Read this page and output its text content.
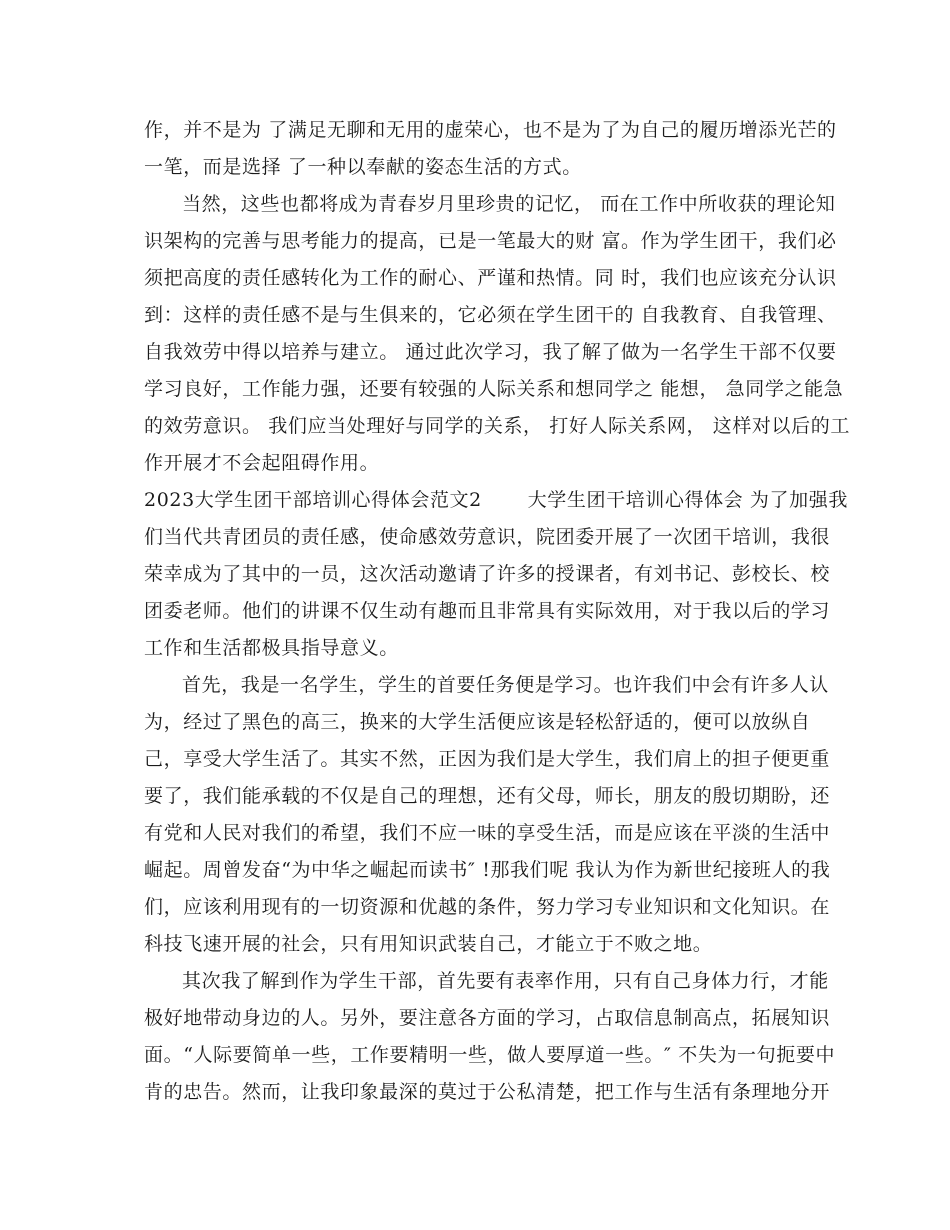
作，并不是为 了满足无聊和无用的虚荣心，也不是为了为自己的履历增添光芒的
一笔，而是选择 了一种以奉献的姿态生活的方式。
当然，这些也都将成为青春岁月里珍贵的记忆， 而在工作中所收获的理论知
识架构的完善与思考能力的提高，已是一笔最大的财 富。作为学生团干，我们必
须把高度的责任感转化为工作的耐心、严谨和热情。同 时，我们也应该充分认识
到：这样的责任感不是与生俱来的，它必须在学生团干的 自我教育、自我管理、
自我效劳中得以培养与建立。 通过此次学习，我了解了做为一名学生干部不仅要
学习良好，工作能力强，还要有较强的人际关系和想同学之 能想， 急同学之能急
的效劳意识。 我们应当处理好与同学的关系， 打好人际关系网， 这样对以后的工
作开展才不会起阻碍作用。
2023大学生团干部培训心得体会范文2　　 大学生团干培训心得体会 为了加强我
们当代共青团员的责任感，使命感效劳意识，院团委开展了一次团干培训，我很
荣幸成为了其中的一员，这次活动邀请了许多的授课者，有刘书记、彭校长、校
团委老师。他们的讲课不仅生动有趣而且非常具有实际效用，对于我以后的学习
工作和生活都极具指导意义。
首先，我是一名学生，学生的首要任务便是学习。也许我们中会有许多人认
为，经过了黑色的高三，换来的大学生活便应该是轻松舒适的，便可以放纵自
己，享受大学生活了。其实不然，正因为我们是大学生，我们肩上的担子便更重
要了，我们能承载的不仅是自己的理想，还有父母，师长，朋友的殷切期盼，还
有党和人民对我们的希望，我们不应一味的享受生活，而是应该在平淡的生活中
崛起。周曾发奋“为中华之崛起而读书″ !那我们呢 我认为作为新世纪接班人的我
们，应该利用现有的一切资源和优越的条件，努力学习专业知识和文化知识。在
科技飞速开展的社会，只有用知识武装自己，才能立于不败之地。
其次我了解到作为学生干部，首先要有表率作用，只有自己身体力行，才能
极好地带动身边的人。另外，要注意各方面的学习，占取信息制高点，拓展知识
面。“人际要简单一些，工作要精明一些，做人要厚道一些。″ 不失为一句扼要中
肯的忠告。然而，让我印象最深的莫过于公私清楚，把工作与生活有条理地分开
